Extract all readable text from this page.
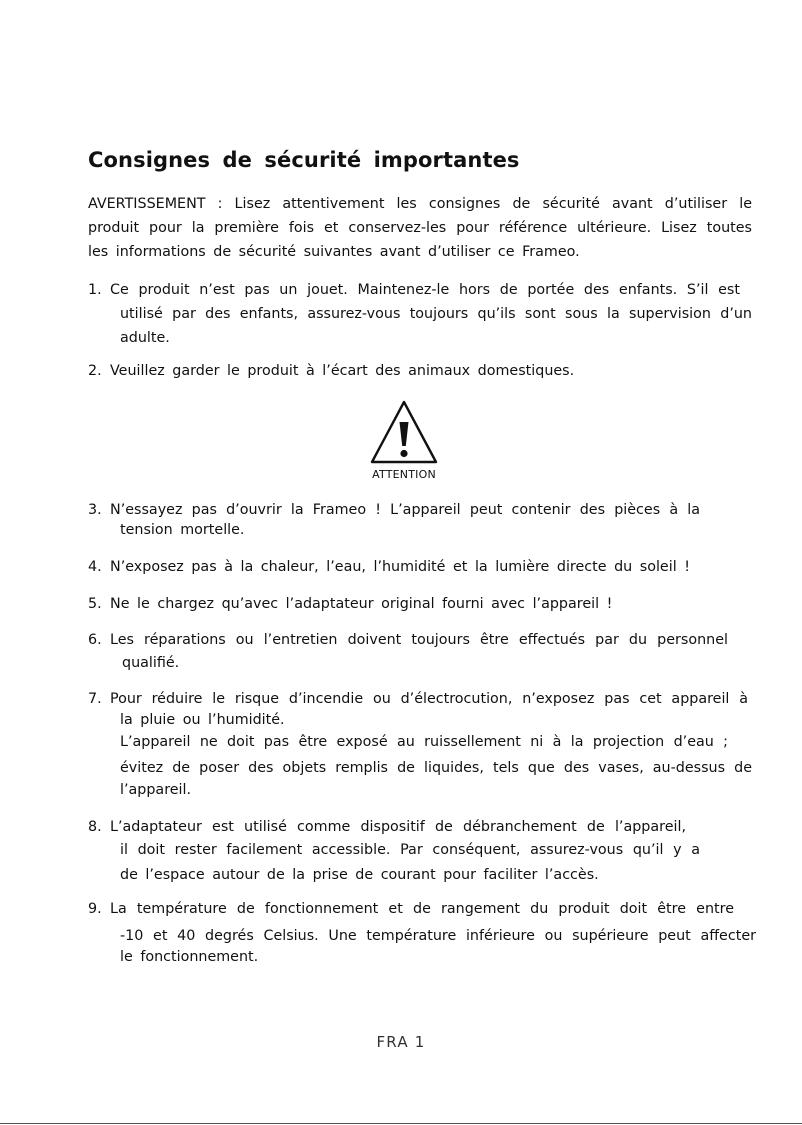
Consignes de sécurité importantes

AVERTISSEMENT : Lisez attentivement les consignes de sécurité avant d’utiliser le produit pour la première fois et conservez-les pour référence ultérieure. Lisez toutes les informations de sécurité suivantes avant d’utiliser ce Frameo.

1. Ce produit n’est pas un jouet. Maintenez-le hors de portée des enfants. S’il est
utilisé par des enfants, assurez-vous toujours qu’ils sont sous la supervision d’un
adulte.
2. Veuillez garder le produit à l’écart des animaux domestiques.
ATTENTION
3. N’essayez pas d’ouvrir la Frameo ! L’appareil peut contenir des pièces à la
tension mortelle.
4. N’exposez pas à la chaleur, l’eau, l’humidité et la lumière directe du soleil !
5. Ne le chargez qu’avec l’adaptateur original fourni avec l’appareil !
6. Les réparations ou l’entretien doivent toujours être effectués par du personnel
qualifié.
7. Pour réduire le risque d’incendie ou d’électrocution, n’exposez pas cet appareil à
la pluie ou l’humidité.
L’appareil ne doit pas être exposé au ruissellement ni à la projection d’eau ;
évitez de poser des objets remplis de liquides, tels que des vases, au-dessus de
l’appareil.
8. L’adaptateur est utilisé comme dispositif de débranchement de l’appareil,
il doit rester facilement accessible. Par conséquent, assurez-vous qu’il y a
de l’espace autour de la prise de courant pour faciliter l’accès.
9. La température de fonctionnement et de rangement du produit doit être entre
-10 et 40 degrés Celsius. Une température inférieure ou supérieure peut affecter
le fonctionnement.
FRA 1
